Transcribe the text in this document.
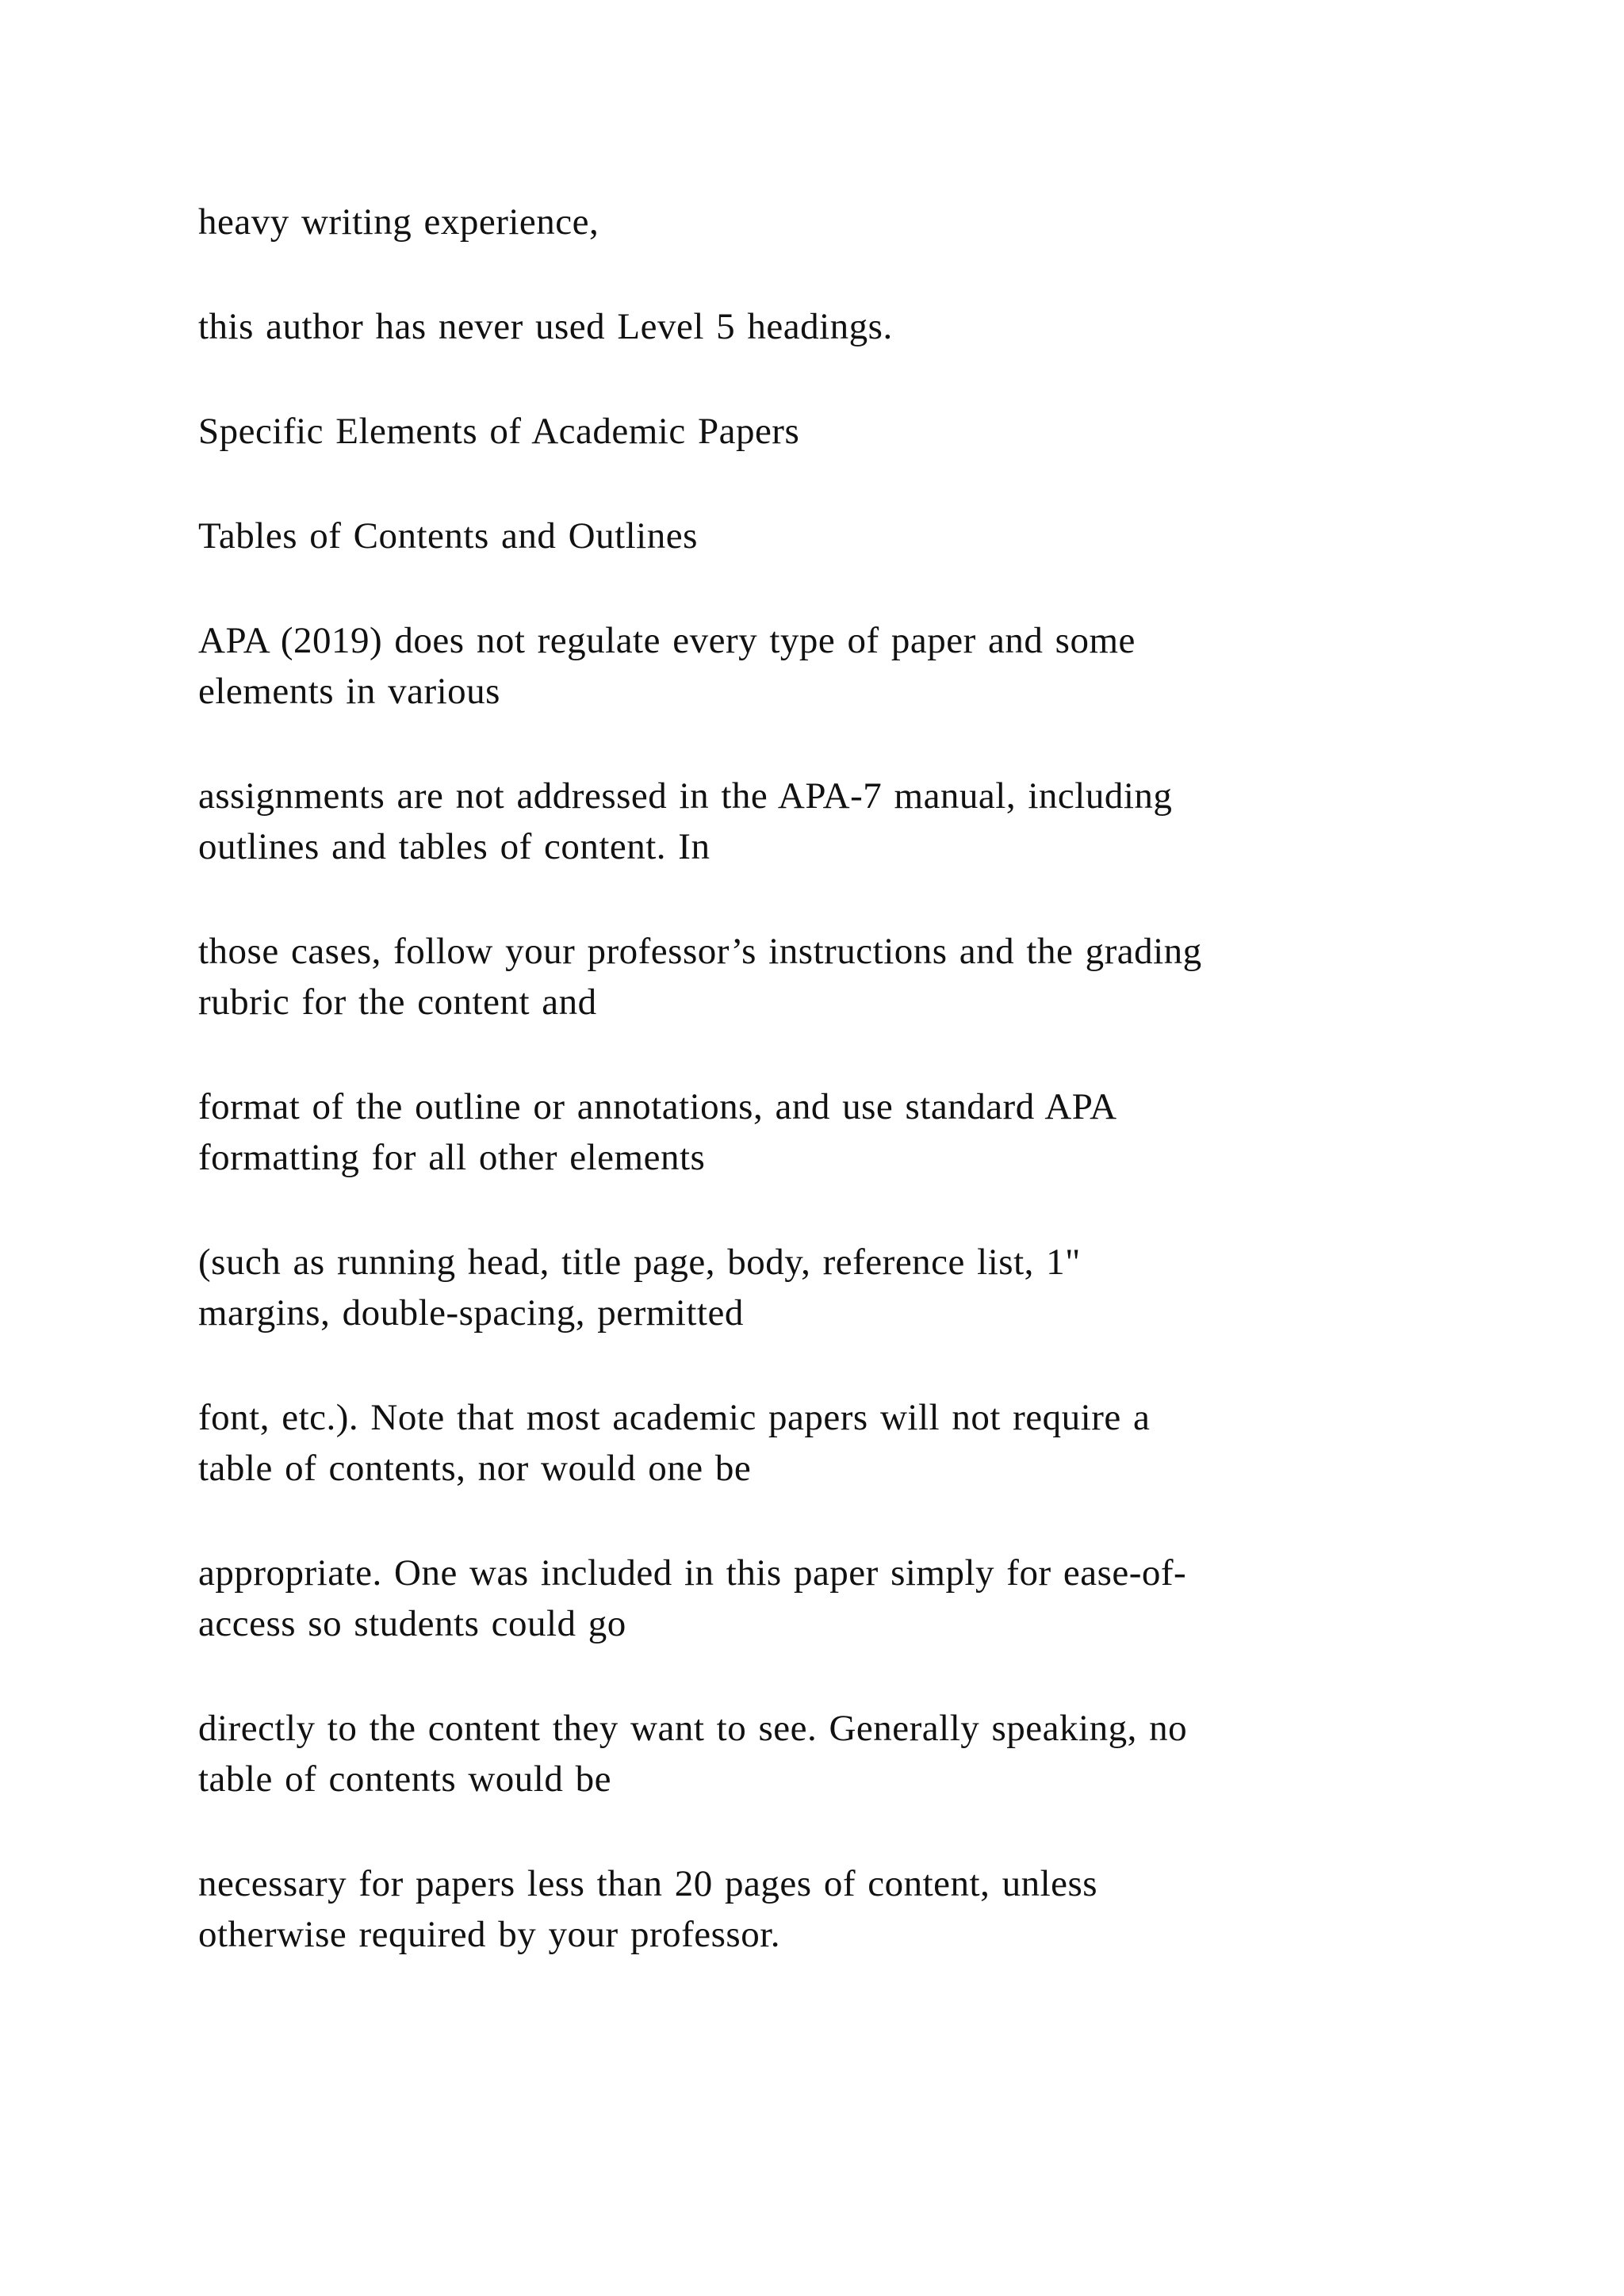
heavy writing experience,

this author has never used Level 5 headings.

Specific Elements of Academic Papers

Tables of Contents and Outlines

APA (2019) does not regulate every type of paper and some
elements in various

assignments are not addressed in the APA-7 manual, including
outlines and tables of content. In

those cases, follow your professor’s instructions and the grading
rubric for the content and

format of the outline or annotations, and use standard APA
formatting for all other elements

(such as running head, title page, body, reference list, 1"
margins, double-spacing, permitted

font, etc.). Note that most academic papers will not require a
table of contents, nor would one be

appropriate. One was included in this paper simply for ease-of-
access so students could go

directly to the content they want to see. Generally speaking, no
table of contents would be

necessary for papers less than 20 pages of content, unless
otherwise required by your professor.
